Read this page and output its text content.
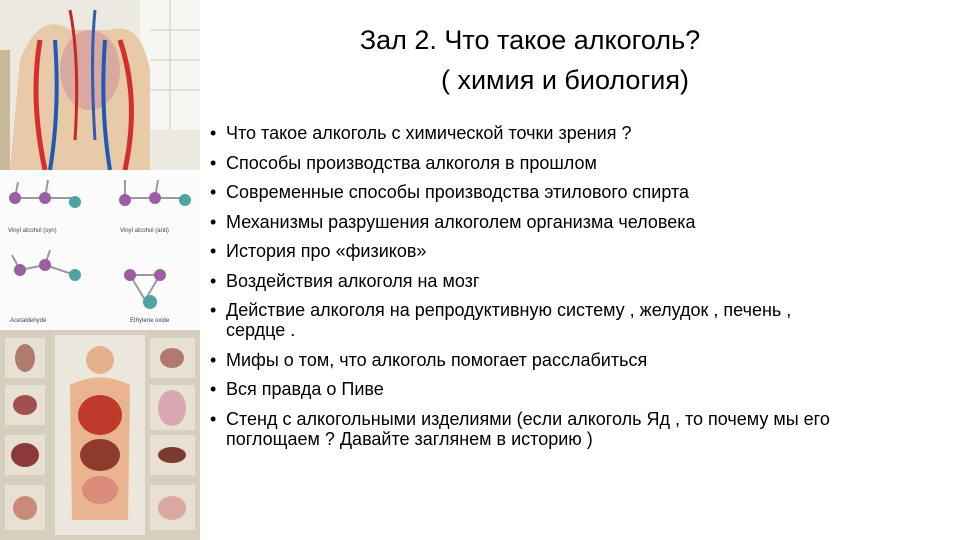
Vinyl alcohol (syn)	Vinyl alcohol (anti)
Acetaldehyde	Ethylene oxide
Зал 2. Что такое алкоголь?
( химия и биология)
• Что такое алкоголь с химической точки зрения ?
• Способы производства алкоголя в прошлом
• Современные способы производства этилового спирта
• Механизмы разрушения алкоголем организма человека
• История про «физиков»
• Воздействия алкоголя на мозг
• Действие алкоголя на репродуктивную систему , желудок , печень , сердце .
• Мифы о том, что алкоголь помогает расслабиться
• Вся правда о Пиве
• Стенд с алкогольными изделиями (если алкоголь Яд , то почему мы его поглощаем ? Давайте заглянем в историю )
